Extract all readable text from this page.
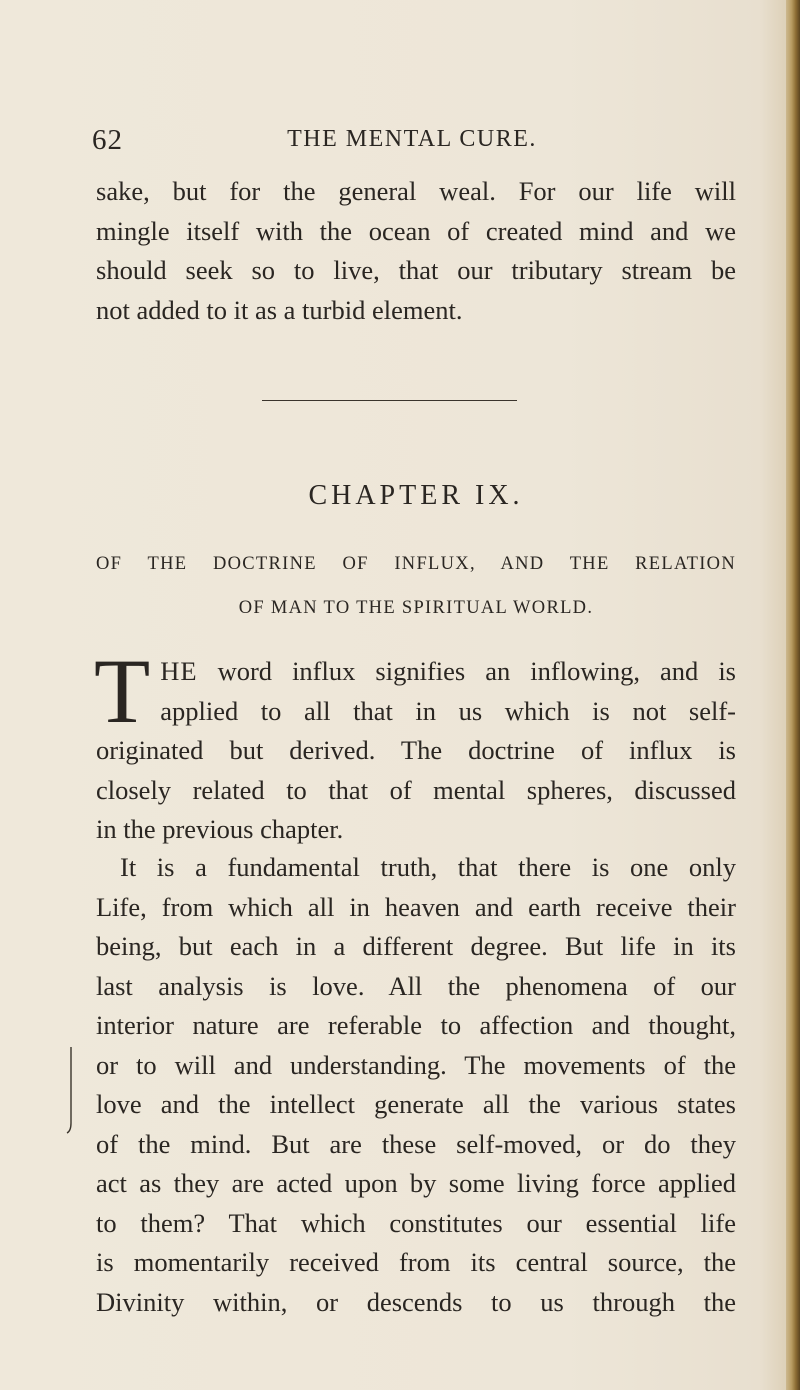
62	THE MENTAL CURE.
sake, but for the general weal. For our life will
mingle itself with the ocean of created mind and we
should seek so to live, that our tributary stream be
not added to it as a turbid element.
CHAPTER IX.
OF THE DOCTRINE OF INFLUX, AND THE RELATION
OF MAN TO THE SPIRITUAL WORLD.
T HE word influx signifies an inflowing, and is
applied to all that in us which is not self-
originated but derived. The doctrine of influx is
closely related to that of mental spheres, discussed
in the previous chapter.
It is a fundamental truth, that there is one only
Life, from which all in heaven and earth receive their
being, but each in a different degree. But life in its
last analysis is love. All the phenomena of our
interior nature are referable to affection and thought,
or to will and understanding. The movements of the
love and the intellect generate all the various states
of the mind. But are these self-moved, or do they
act as they are acted upon by some living force applied
to them? That which constitutes our essential life
is momentarily received from its central source, the
Divinity within, or descends to us through the
